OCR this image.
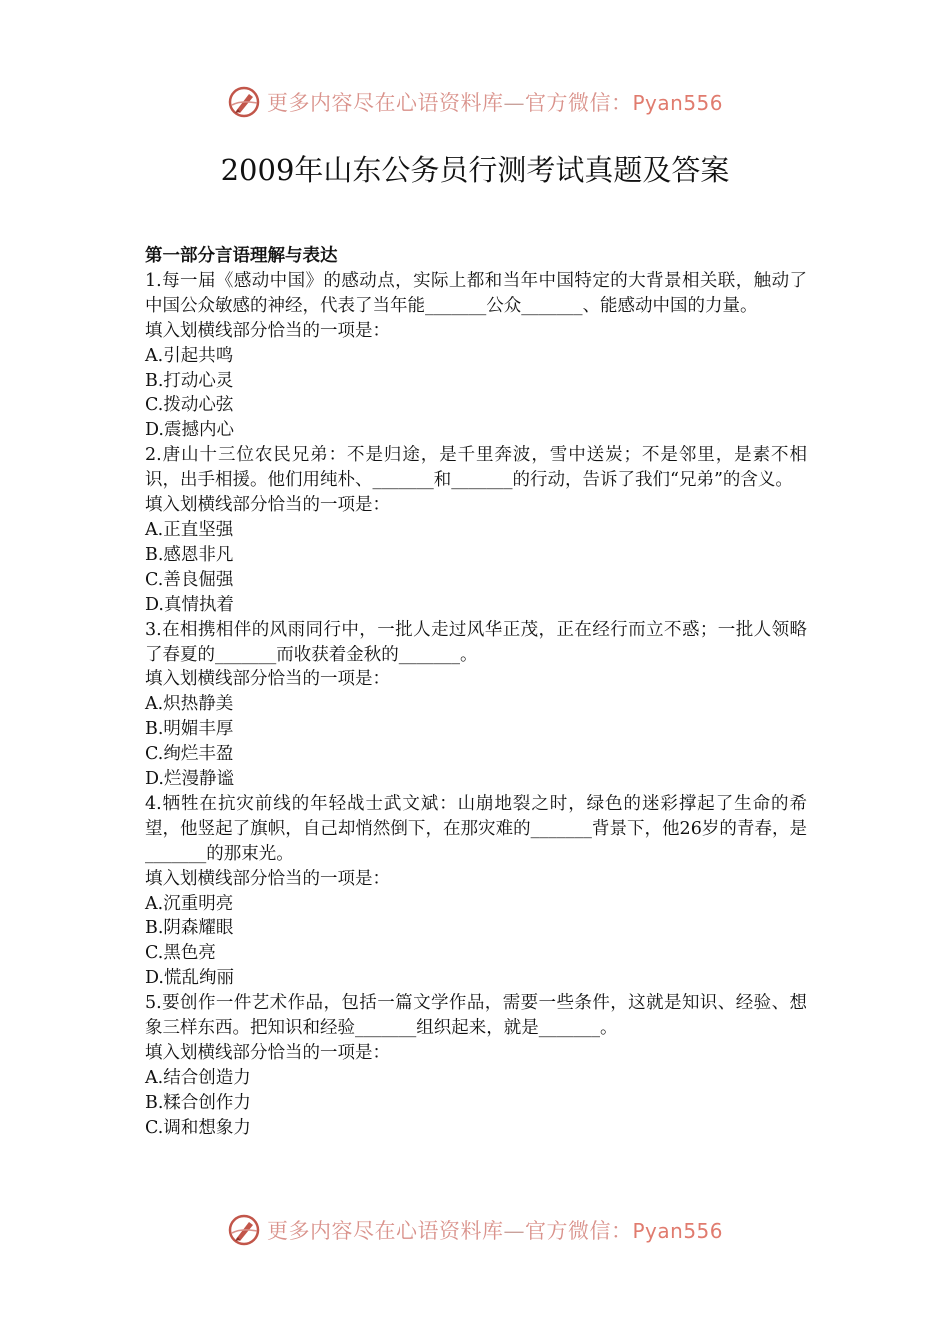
更多内容尽在心语资料库—官方微信：Pyan556
2009年山东公务员行测考试真题及答案

第一部分言语理解与表达

1.每一届《感动中国》的感动点，实际上都和当年中国特定的大背景相关联，触动了中国公众敏感的神经，代表了当年能_______公众_______、能感动中国的力量。

填入划横线部分恰当的一项是：

A.引起共鸣

B.打动心灵

C.拨动心弦

D.震撼内心

2.唐山十三位农民兄弟：不是归途，是千里奔波，雪中送炭；不是邻里，是素不相识，出手相援。他们用纯朴、_______和_______的行动，告诉了我们“兄弟”的含义。

填入划横线部分恰当的一项是：

A.正直坚强

B.感恩非凡

C.善良倔强

D.真情执着

3.在相携相伴的风雨同行中，一批人走过风华正茂，正在经行而立不惑；一批人领略了春夏的_______而收获着金秋的_______。

填入划横线部分恰当的一项是：

A.炽热静美

B.明媚丰厚

C.绚烂丰盈

D.烂漫静谧

4.牺牲在抗灾前线的年轻战士武文斌：山崩地裂之时，绿色的迷彩撑起了生命的希望，他竖起了旗帜，自己却悄然倒下，在那灾难的_______背景下，他26岁的青春，是_______的那束光。

填入划横线部分恰当的一项是：

A.沉重明亮

B.阴森耀眼

C.黑色亮

D.慌乱绚丽

5.要创作一件艺术作品，包括一篇文学作品，需要一些条件，这就是知识、经验、想象三样东西。把知识和经验_______组织起来，就是_______。

填入划横线部分恰当的一项是：

A.结合创造力

B.糅合创作力

C.调和想象力

更多内容尽在心语资料库—官方微信：Pyan556
